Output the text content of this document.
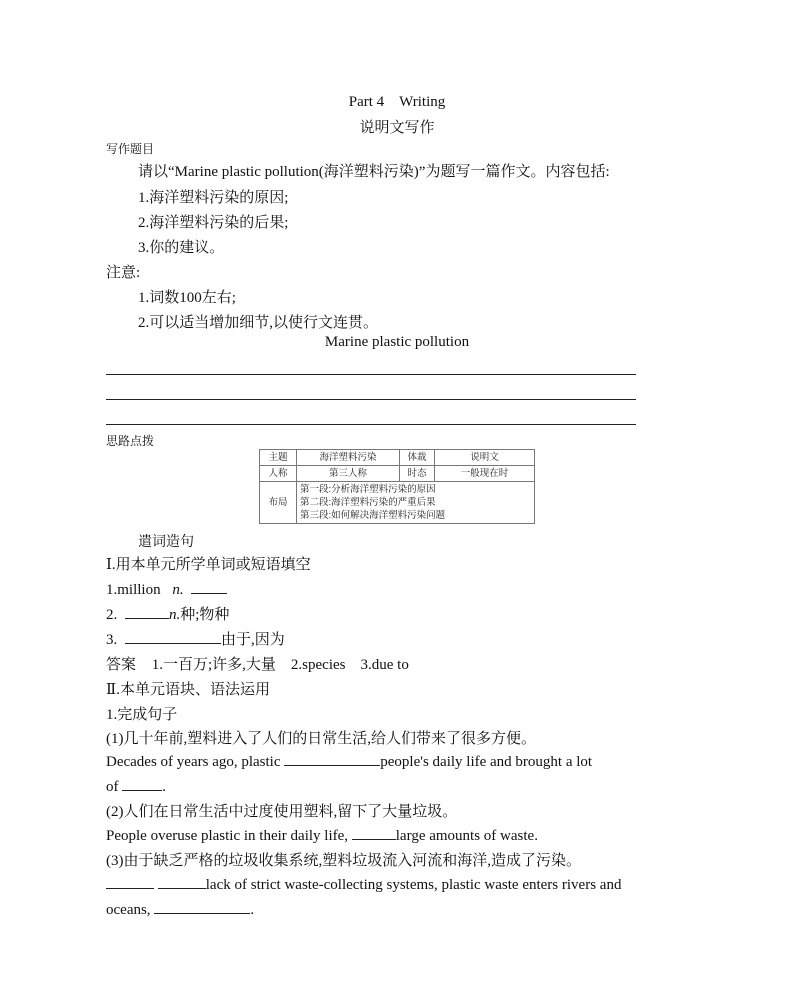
Part 4　Writing
说明文写作
写作题目
请以“Marine plastic pollution(海洋塑料污染)”为题写一篇作文。内容包括:
1.海洋塑料污染的原因;
2.海洋塑料污染的后果;
3.你的建议。
注意:
1.词数100左右;
2.可以适当增加细节,以使行文连贯。
Marine plastic pollution
思路点拨
主题	海洋塑料污染	体裁	说明文
人称	第三人称	时态	一般现在时
布局	第一段:分析海洋塑料污染的原因
第二段:海洋塑料污染的严重后果
第三段:如何解决海洋塑料污染问题		
遣词造句
Ⅰ.用本单元所学单词或短语填空
1.million n.
2.	n.种;物种
3.	由于,因为
答案 1.一百万;许多,大量 2.species 3.due to
Ⅱ.本单元语块、语法运用
1.完成句子
(1)几十年前,塑料进入了人们的日常生活,给人们带来了很多方便。
Decades of years ago, plastic	people's daily life and brought a lot
of	.
(2)人们在日常生活中过度使用塑料,留下了大量垃圾。
People overuse plastic in their daily life,	large amounts of waste.
(3)由于缺乏严格的垃圾收集系统,塑料垃圾流入河流和海洋,造成了污染。
lack of strict waste-collecting systems, plastic waste enters rivers and
oceans,	.
